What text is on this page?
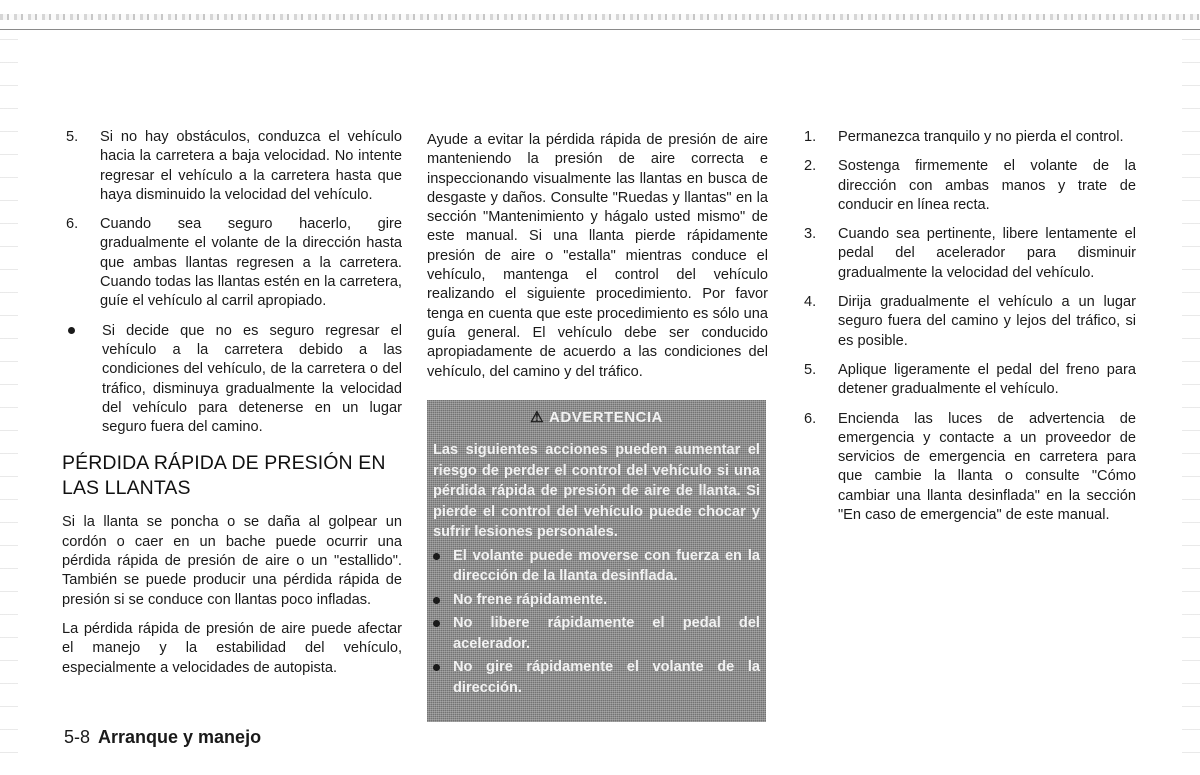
5.	Si no hay obstáculos, conduzca el vehículo hacia la carretera a baja velocidad. No intente regresar el vehículo a la carretera hasta que haya disminuido la velocidad del vehículo.
6.	Cuando sea seguro hacerlo, gire gradualmente el volante de la dirección hasta que ambas llantas regresen a la carretera. Cuando todas las llantas estén en la carretera, guíe el vehículo al carril apropiado.
Si decide que no es seguro regresar el vehículo a la carretera debido a las condiciones del vehículo, de la carretera o del tráfico, disminuya gradualmente la velocidad del vehículo para detenerse en un lugar seguro fuera del camino.
PÉRDIDA RÁPIDA DE PRESIÓN EN LAS LLANTAS

Si la llanta se poncha o se daña al golpear un cordón o caer en un bache puede ocurrir una pérdida rápida de presión de aire o un "estallido". También se puede producir una pérdida rápida de presión si se conduce con llantas poco infladas.

La pérdida rápida de presión de aire puede afectar el manejo y la estabilidad del vehículo, especialmente a velocidades de autopista.

Ayude a evitar la pérdida rápida de presión de aire manteniendo la presión de aire correcta e inspeccionando visualmente las llantas en busca de desgaste y daños. Consulte "Ruedas y llantas" en la sección "Mantenimiento y hágalo usted mismo" de este manual. Si una llanta pierde rápidamente presión de aire o "estalla" mientras conduce el vehículo, mantenga el control del vehículo realizando el siguiente procedimiento. Por favor tenga en cuenta que este procedimiento es sólo una guía general. El vehículo debe ser conducido apropiadamente de acuerdo a las condiciones del vehículo, del camino y del tráfico.

⚠ ADVERTENCIA
Las siguientes acciones pueden aumentar el riesgo de perder el control del vehículo si una pérdida rápida de presión de aire de llanta. Si pierde el control del vehículo puede chocar y sufrir lesiones personales.
El volante puede moverse con fuerza en la dirección de la llanta desinflada.
No frene rápidamente.
No libere rápidamente el pedal del acelerador.
No gire rápidamente el volante de la dirección.
1.	Permanezca tranquilo y no pierda el control.
2.	Sostenga firmemente el volante de la dirección con ambas manos y trate de conducir en línea recta.
3.	Cuando sea pertinente, libere lentamente el pedal del acelerador para disminuir gradualmente la velocidad del vehículo.
4.	Dirija gradualmente el vehículo a un lugar seguro fuera del camino y lejos del tráfico, si es posible.
5.	Aplique ligeramente el pedal del freno para detener gradualmente el vehículo.
6.	Encienda las luces de advertencia de emergencia y contacte a un proveedor de servicios de emergencia en carretera para que cambie la llanta o consulte "Cómo cambiar una llanta desinflada" en la sección "En caso de emergencia" de este manual.
5-8 Arranque y manejo
